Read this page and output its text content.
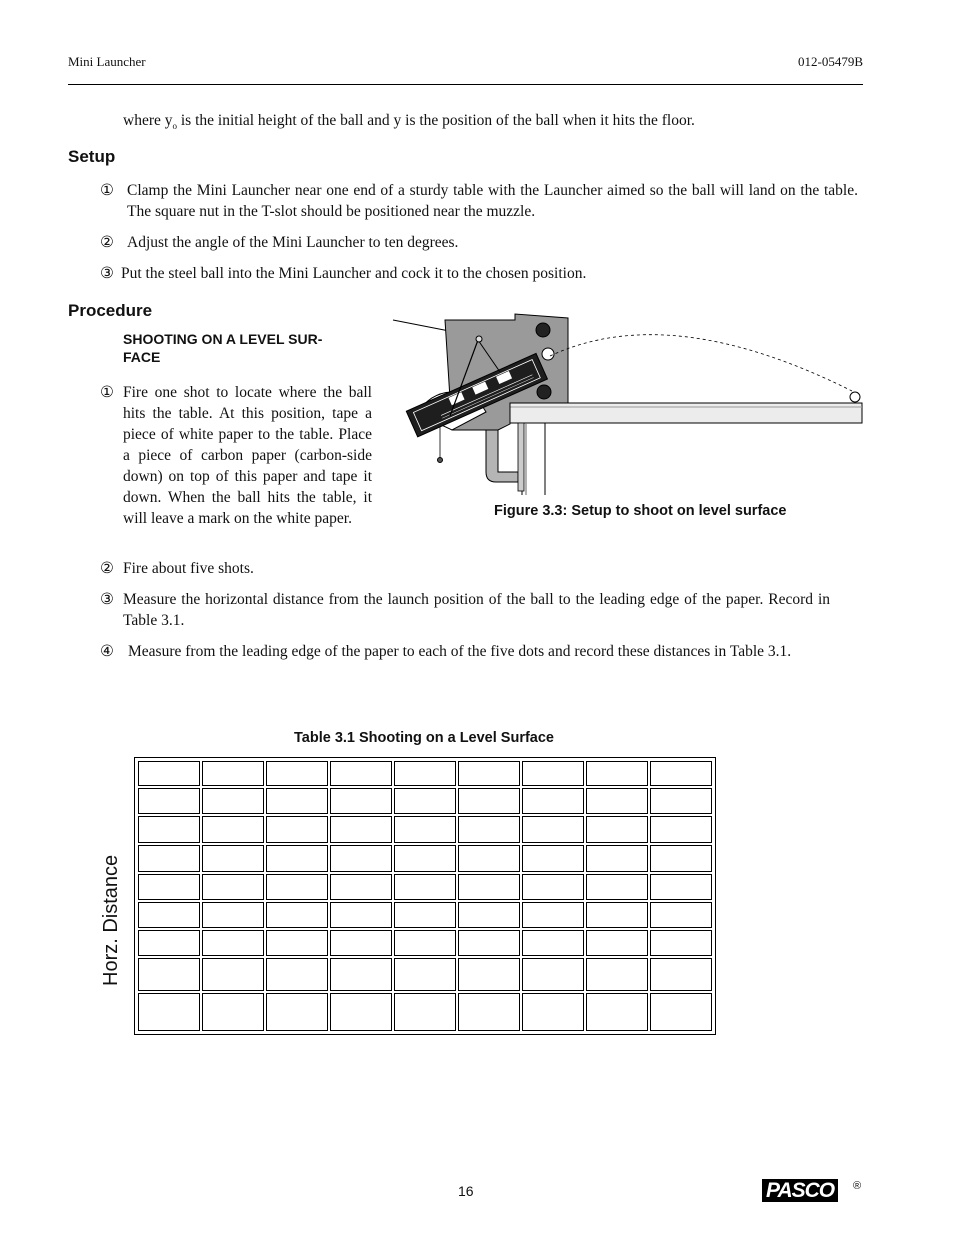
Mini Launcher	012-05479B
where $y_o$ is the initial height of the ball and y is the position of the ball when it hits the floor.
Setup
① Clamp the Mini Launcher near one end of a sturdy table with the Launcher aimed so the ball will land on the table. The square nut in the T-slot should be positioned near the muzzle.
② Adjust the angle of the Mini Launcher to ten degrees.
③ Put the steel ball into the Mini Launcher and cock it to the chosen position.
Procedure
SHOOTING ON A LEVEL SUR-
FACE
① Fire one shot to locate where the ball hits the table. At this position, tape a piece of white paper to the table. Place a piece of carbon paper (carbon-side down) on top of this paper and tape it down. When the ball hits the table, it will leave a mark on the white paper.	Figure 3.3: Setup to shoot on level surface
② Fire about five shots.
③ Measure the horizontal distance from the launch position of the ball to the leading edge of the paper. Record in Table 3.1.
④ Measure from the leading edge of the paper to each of the five dots and record these distances in Table 3.1.
Table 3.1 Shooting on a Level Surface
Horz. Distance

16	PASCO	®
